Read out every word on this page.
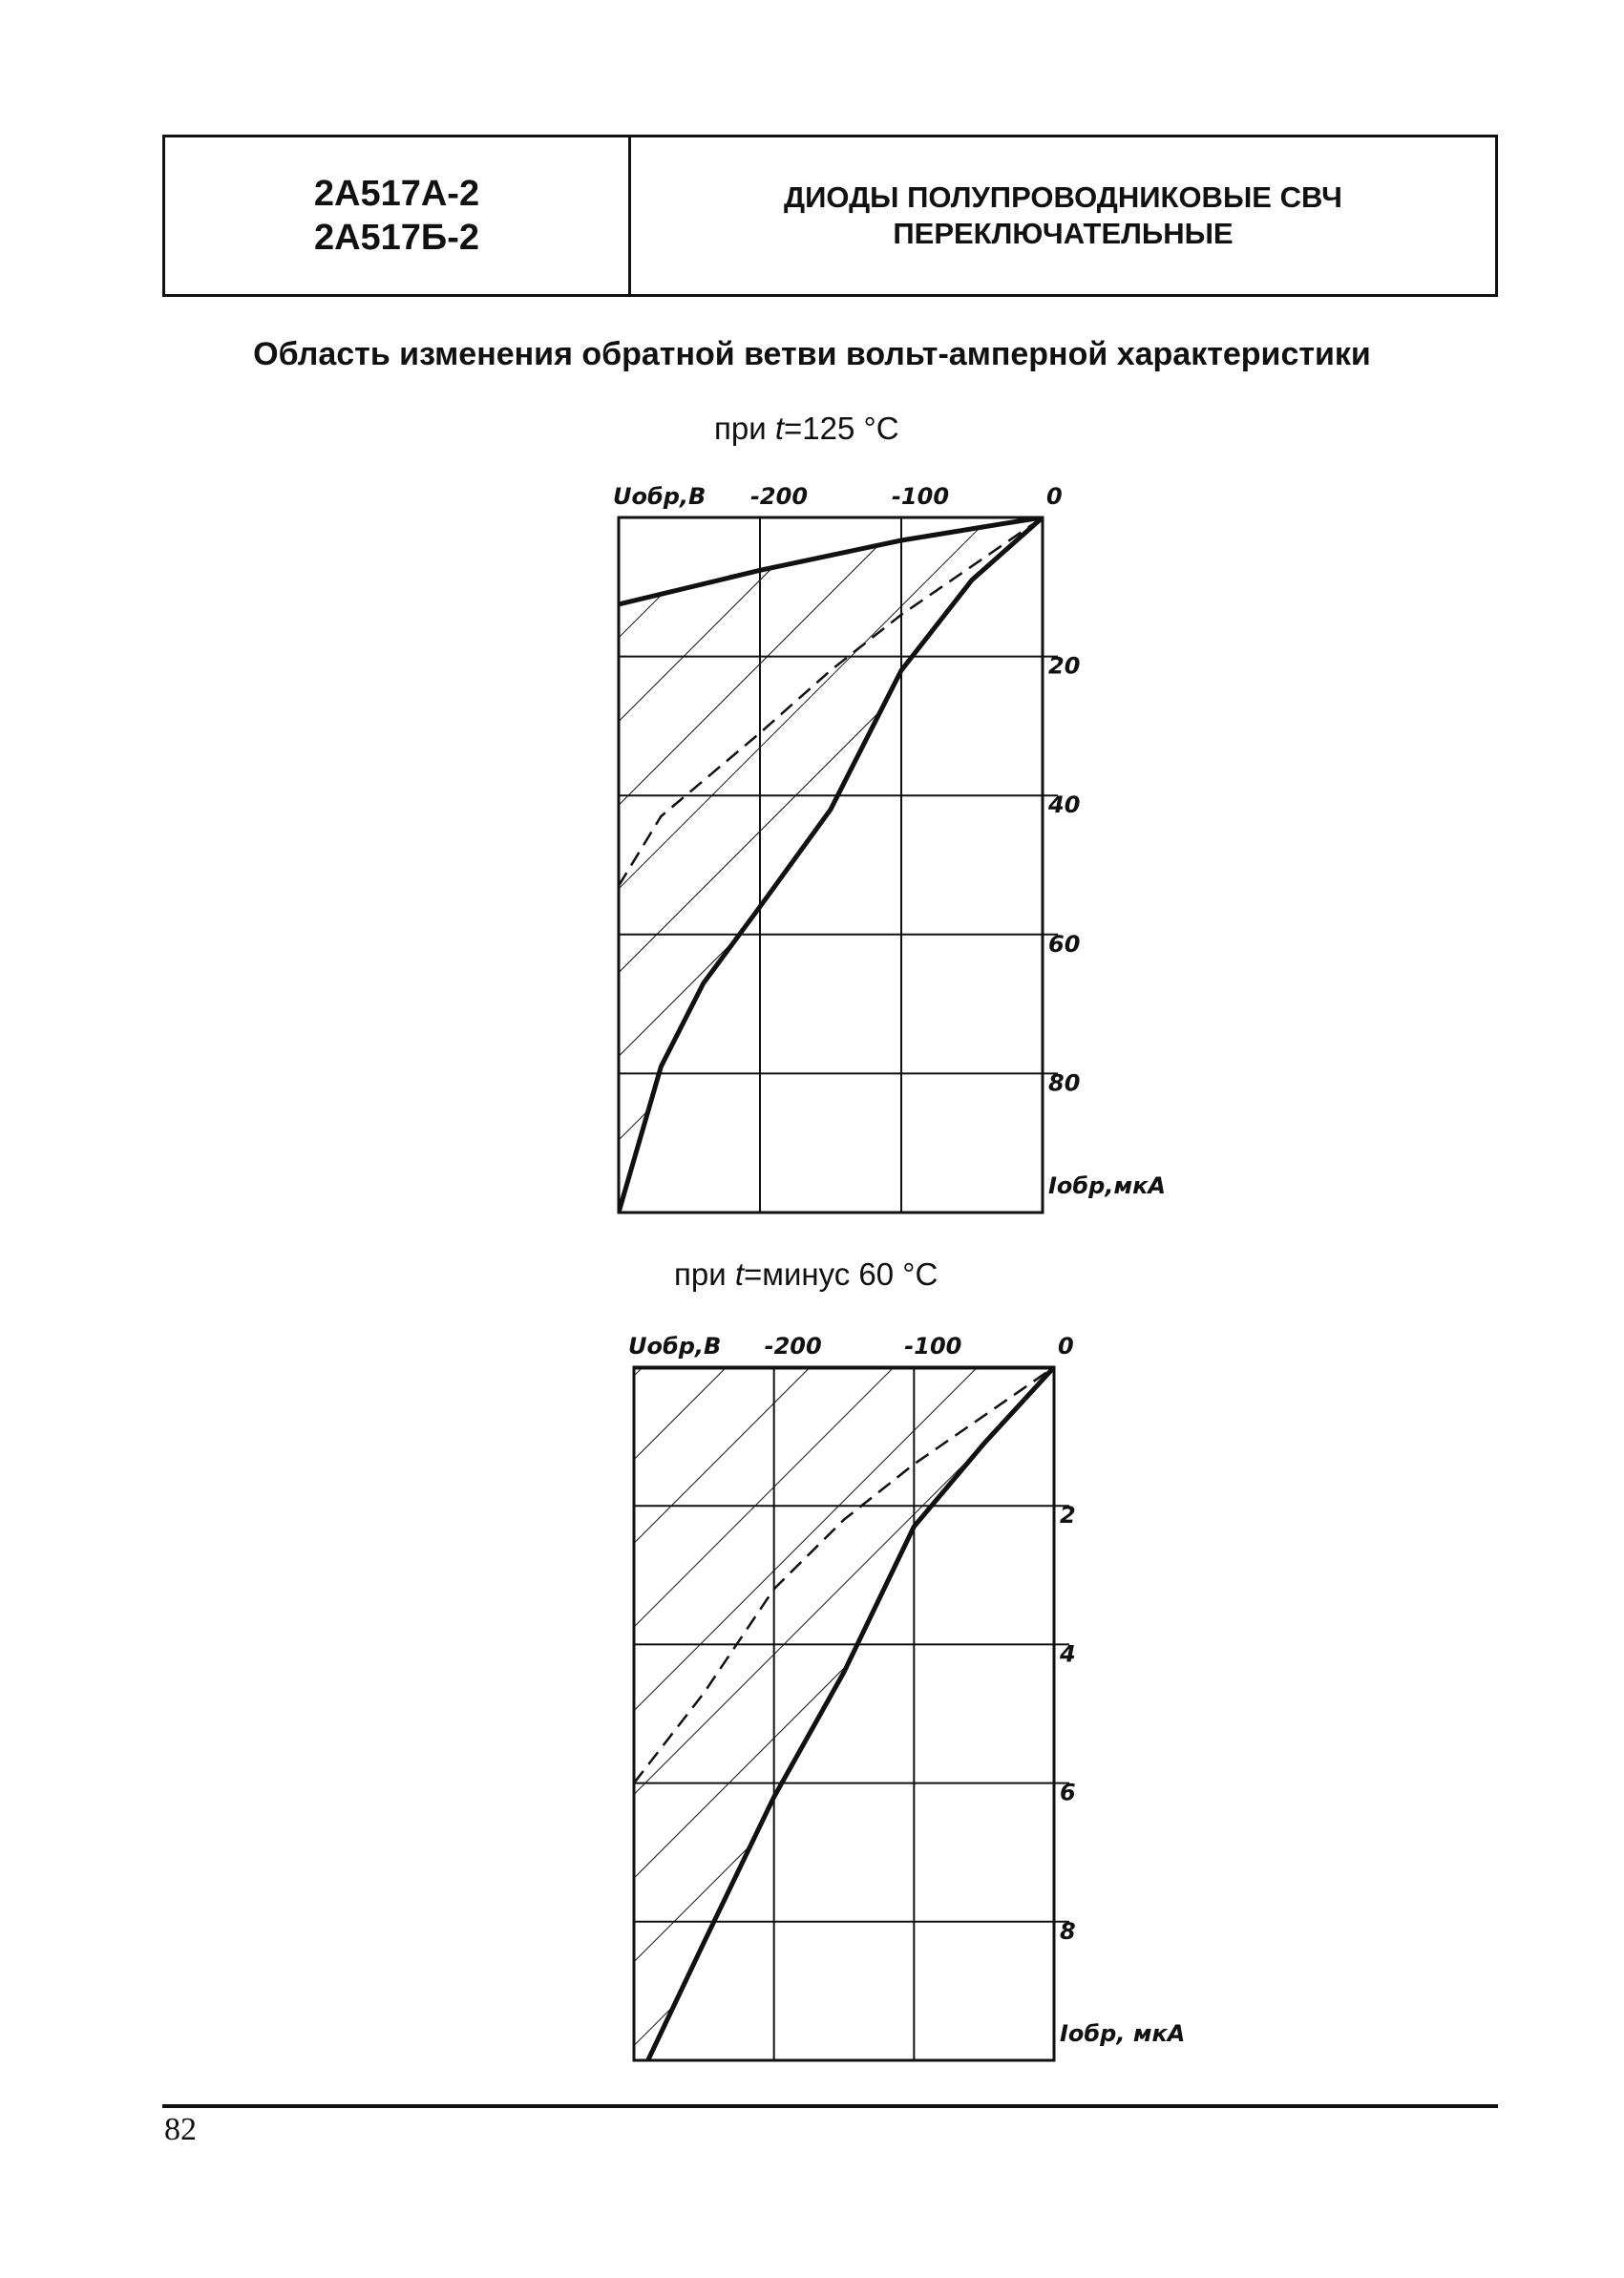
2А517А-2
2А517Б-2
ДИОДЫ ПОЛУПРОВОДНИКОВЫЕ СВЧ
ПЕРЕКЛЮЧАТЕЛЬНЫЕ
Область изменения обратной ветви вольт-амперной характеристики
при t=125 °C
при t=минус 60 °C
Uобр,В -200	-100	0
20
40
60
80
Iобр,мкА
Uобр,В -200	-100	0
2
4
6
8
Iобр, мкА
82
